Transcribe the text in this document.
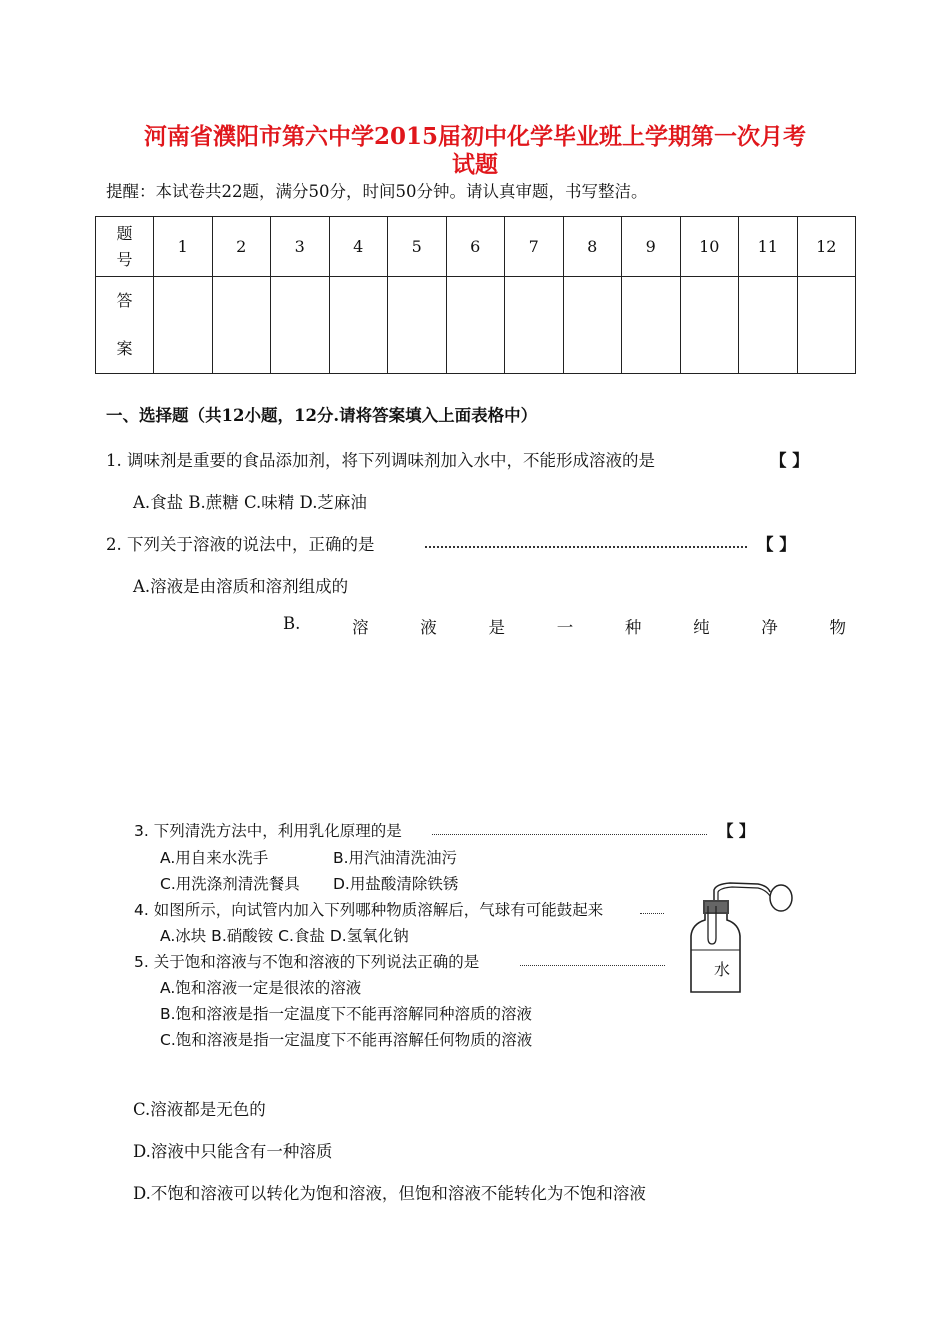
河南省濮阳市第六中学2015届初中化学毕业班上学期第一次月考
试题
提醒：本试卷共22题，满分50分，时间50分钟。请认真审题，书写整洁。
题
号	1	2	3	4	5	6	7	8	9	10	11	12

答
案												

一、选择题（共12小题，12分.请将答案填入上面表格中）
1. 调味剂是重要的食品添加剂，将下列调味剂加入水中，不能形成溶液的是	【 】
A.食盐 B.蔗糖 C.味精 D.芝麻油
2. 下列关于溶液的说法中，正确的是	【 】
A.溶液是由溶质和溶剂组成的
B.	溶	液	是	一	种	纯	净	物
3. 下列清洗方法中，利用乳化原理的是	【 】
A.用自来水洗手	B.用汽油清洗油污
C.用洗涤剂清洗餐具 D.用盐酸清除铁锈
4. 如图所示，向试管内加入下列哪种物质溶解后，气球有可能鼓起来
A.冰块 B.硝酸铵 C.食盐 D.氢氧化钠
5. 关于饱和溶液与不饱和溶液的下列说法正确的是
A.饱和溶液一定是很浓的溶液
B.饱和溶液是指一定温度下不能再溶解同种溶质的溶液
C.饱和溶液是指一定温度下不能再溶解任何物质的溶液
水
C.溶液都是无色的
D.溶液中只能含有一种溶质
D.不饱和溶液可以转化为饱和溶液，但饱和溶液不能转化为不饱和溶液
